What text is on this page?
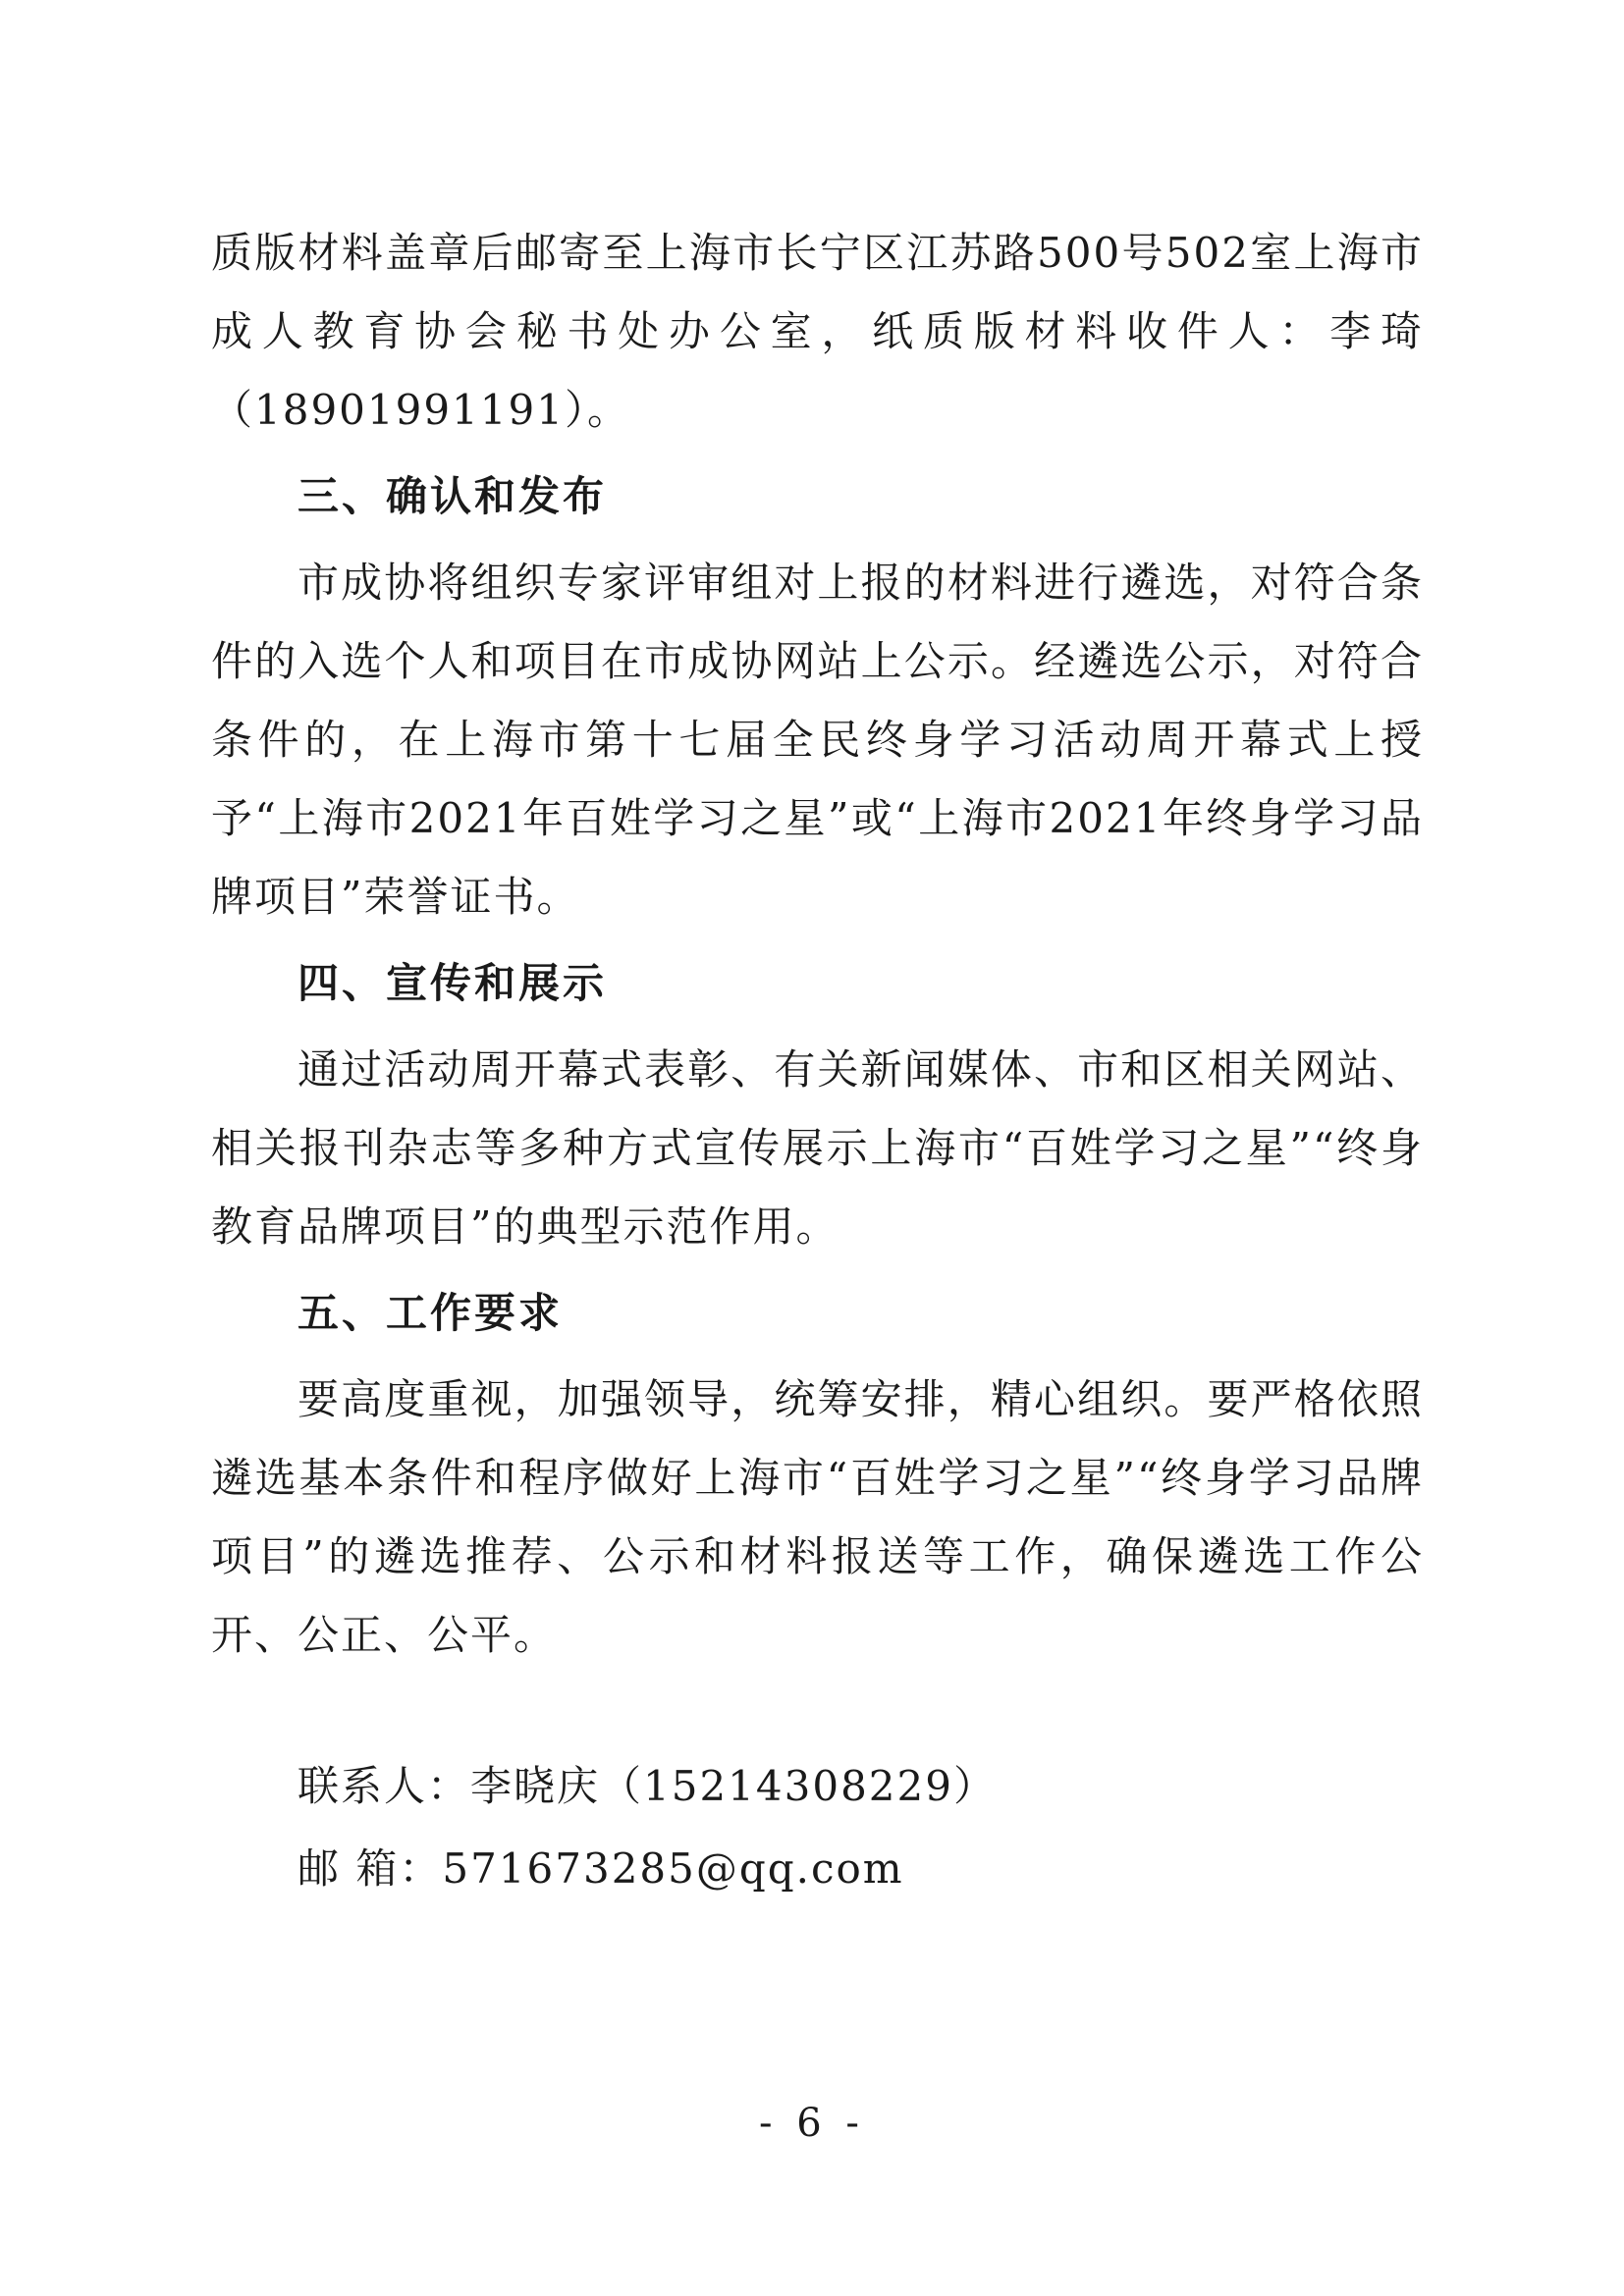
质版材料盖章后邮寄至上海市长宁区江苏路500号502室上海市成人教育协会秘书处办公室，纸质版材料收件人：李琦（18901991191）。

三、确认和发布

市成协将组织专家评审组对上报的材料进行遴选，对符合条件的入选个人和项目在市成协网站上公示。经遴选公示，对符合条件的，在上海市第十七届全民终身学习活动周开幕式上授予“上海市2021年百姓学习之星”或“上海市2021年终身学习品牌项目”荣誉证书。

四、宣传和展示

通过活动周开幕式表彰、有关新闻媒体、市和区相关网站、相关报刊杂志等多种方式宣传展示上海市“百姓学习之星”“终身教育品牌项目”的典型示范作用。

五、工作要求

要高度重视，加强领导，统筹安排，精心组织。要严格依照遴选基本条件和程序做好上海市“百姓学习之星”“终身学习品牌项目”的遴选推荐、公示和材料报送等工作，确保遴选工作公开、公正、公平。

联系人：李晓庆（15214308229）
邮 箱：571673285@qq.com
- 6 -
